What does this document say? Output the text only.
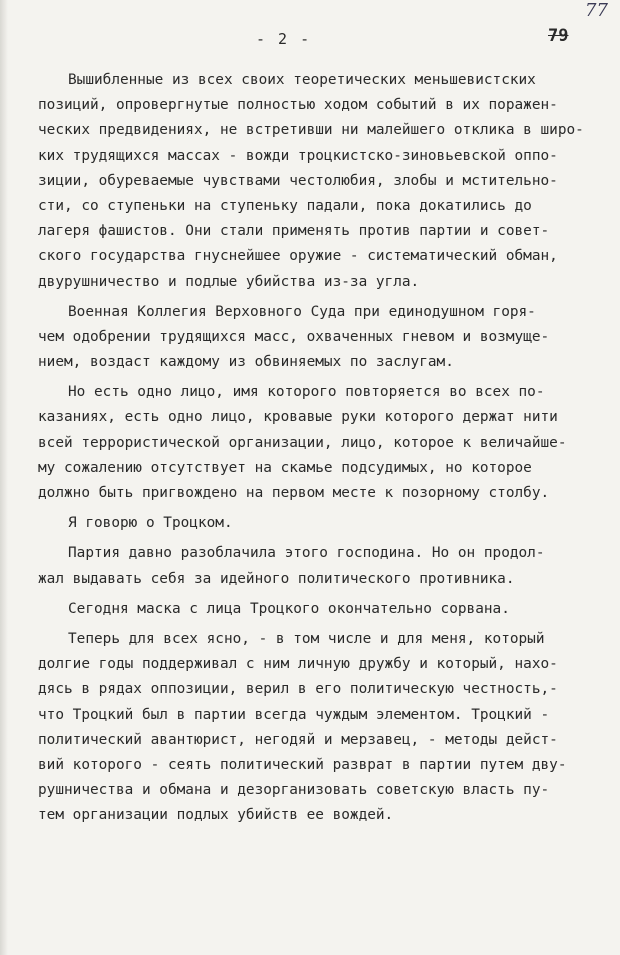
- 2 -	79
77
Вышибленные из всех своих теоретических меньшевистских
позиций, опровергнутые полностью ходом событий в их поражен-
ческих предвидениях, не встретивши ни малейшего отклика в широ-
ких трудящихся массах - вожди троцкистско-зиновьевской оппо-
зиции, обуреваемые чувствами честолюбия, злобы и мстительно-
сти, со ступеньки на ступеньку падали, пока докатились до
лагеря фашистов. Они стали применять против партии и совет-
ского государства гнуснейшее оружие - систематический обман,
двурушничество и подлые убийства из-за угла.
Военная Коллегия Верховного Суда при единодушном горя-
чем одобрении трудящихся масс, охваченных гневом и возмуще-
нием, воздаст каждому из обвиняемых по заслугам.
Но есть одно лицо, имя которого повторяется во всех по-
казаниях, есть одно лицо, кровавые руки которого держат нити
всей террористической организации, лицо, которое к величайше-
му сожалению отсутствует на скамье подсудимых, но которое
должно быть пригвождено на первом месте к позорному столбу.
Я говорю о Троцком.
Партия давно разоблачила этого господина. Но он продол-
жал выдавать себя за идейного политического противника.
Сегодня маска с лица Троцкого окончательно сорвана.
Теперь для всех ясно, - в том числе и для меня, который
долгие годы поддерживал с ним личную дружбу и который, нахо-
дясь в рядах оппозиции, верил в его политическую честность,-
что Троцкий был в партии всегда чуждым элементом. Троцкий -
политический авантюрист, негодяй и мерзавец, - методы дейст-
вий которого - сеять политический разврат в партии путем дву-
рушничества и обмана и дезорганизовать советскую власть пу-
тем организации подлых убийств ее вождей.
